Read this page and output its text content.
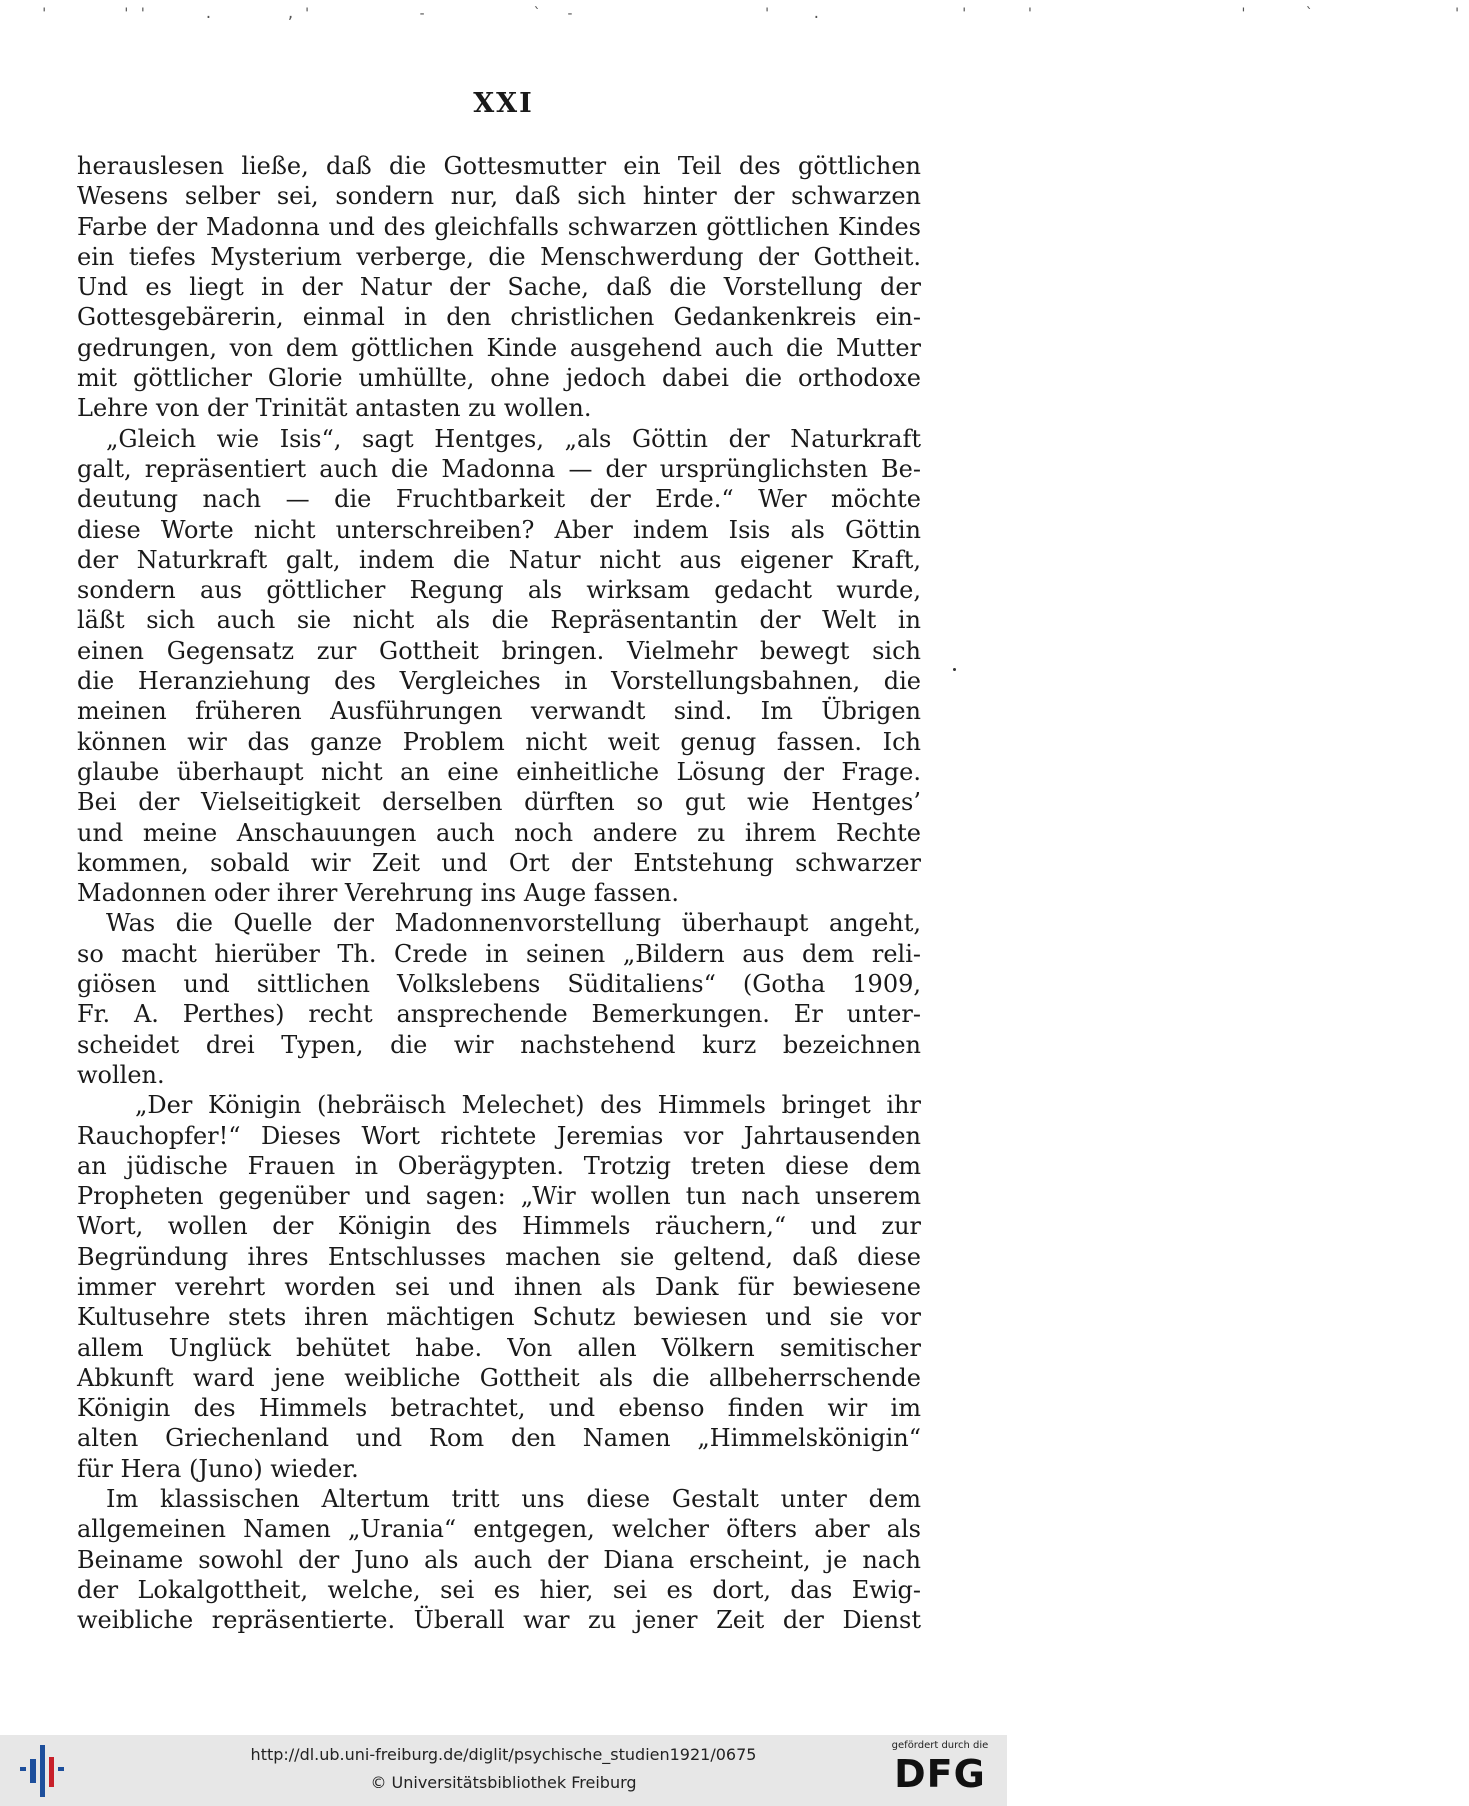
'    ''   .    ,'      -      ` -           '  .        '   '            '   `        '
XXI
herauslesen ließe, daß die Gottesmutter ein Teil des göttlichen
Wesens selber sei, sondern nur, daß sich hinter der schwarzen
Farbe der Madonna und des gleichfalls schwarzen göttlichen Kindes
ein tiefes Mysterium verberge, die Menschwerdung der Gottheit.
Und es liegt in der Natur der Sache, daß die Vorstellung der
Gottesgebärerin, einmal in den christlichen Gedankenkreis ein-
gedrungen, von dem göttlichen Kinde ausgehend auch die Mutter
mit göttlicher Glorie umhüllte, ohne jedoch dabei die orthodoxe
Lehre von der Trinität antasten zu wollen.
„Gleich wie Isis“, sagt Hentges, „als Göttin der Naturkraft
galt, repräsentiert auch die Madonna — der ursprünglichsten Be-
deutung nach — die Fruchtbarkeit der Erde.“ Wer möchte
diese Worte nicht unterschreiben? Aber indem Isis als Göttin
der Naturkraft galt, indem die Natur nicht aus eigener Kraft,
sondern aus göttlicher Regung als wirksam gedacht wurde,
läßt sich auch sie nicht als die Repräsentantin der Welt in
einen Gegensatz zur Gottheit bringen. Vielmehr bewegt sich
die Heranziehung des Vergleiches in Vorstellungsbahnen, die
meinen früheren Ausführungen verwandt sind. Im Übrigen
können wir das ganze Problem nicht weit genug fassen. Ich
glaube überhaupt nicht an eine einheitliche Lösung der Frage.
Bei der Vielseitigkeit derselben dürften so gut wie Hentges’
und meine Anschauungen auch noch andere zu ihrem Rechte
kommen, sobald wir Zeit und Ort der Entstehung schwarzer
Madonnen oder ihrer Verehrung ins Auge fassen.
Was die Quelle der Madonnenvorstellung überhaupt angeht,
so macht hierüber Th. Crede in seinen „Bildern aus dem reli-
giösen und sittlichen Volkslebens Süditaliens“ (Gotha 1909,
Fr. A. Perthes) recht ansprechende Bemerkungen. Er unter-
scheidet drei Typen, die wir nachstehend kurz bezeichnen
wollen.
„Der Königin (hebräisch Melechet) des Himmels bringet ihr
Rauchopfer!“ Dieses Wort richtete Jeremias vor Jahrtausenden
an jüdische Frauen in Oberägypten. Trotzig treten diese dem
Propheten gegenüber und sagen: „Wir wollen tun nach unserem
Wort, wollen der Königin des Himmels räuchern,“ und zur
Begründung ihres Entschlusses machen sie geltend, daß diese
immer verehrt worden sei und ihnen als Dank für bewiesene
Kultusehre stets ihren mächtigen Schutz bewiesen und sie vor
allem Unglück behütet habe. Von allen Völkern semitischer
Abkunft ward jene weibliche Gottheit als die allbeherrschende
Königin des Himmels betrachtet, und ebenso finden wir im
alten Griechenland und Rom den Namen „Himmelskönigin“
für Hera (Juno) wieder.
Im klassischen Altertum tritt uns diese Gestalt unter dem
allgemeinen Namen „Urania“ entgegen, welcher öfters aber als
Beiname sowohl der Juno als auch der Diana erscheint, je nach
der Lokalgottheit, welche, sei es hier, sei es dort, das Ewig-
weibliche repräsentierte. Überall war zu jener Zeit der Dienst
http://dl.ub.uni-freiburg.de/diglit/psychische_studien1921/0675
© Universitätsbibliothek Freiburg
gefördert durch die
DFG
